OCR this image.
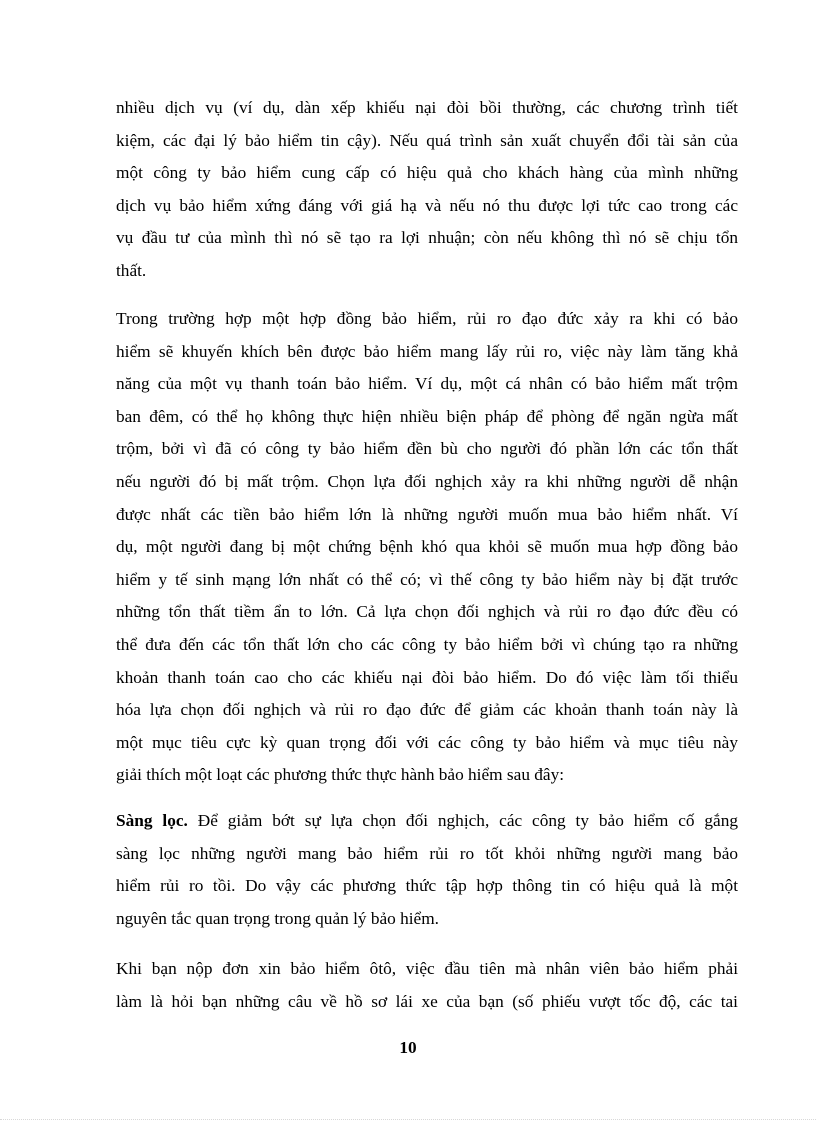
nhiều dịch vụ (ví dụ, dàn xếp khiếu nại đòi bồi thường, các chương trình tiết
kiệm, các đại lý bảo hiểm tin cậy). Nếu quá trình sản xuất chuyển đổi tài sản của
một công ty bảo hiểm cung cấp có hiệu quả cho khách hàng của mình những
dịch vụ bảo hiểm xứng đáng với giá hạ và nếu nó thu được lợi tức cao trong các
vụ đầu tư của mình thì nó sẽ tạo ra lợi nhuận; còn nếu không thì nó sẽ chịu tổn
thất.

Trong trường hợp một hợp đồng bảo hiểm, rủi ro đạo đức xảy ra khi có bảo
hiểm sẽ khuyến khích bên được bảo hiểm mang lấy rủi ro, việc này làm tăng khả
năng của một vụ thanh toán bảo hiểm. Ví dụ, một cá nhân có bảo hiểm mất trộm
ban đêm, có thể họ không thực hiện nhiều biện pháp để phòng để ngăn ngừa mất
trộm, bởi vì đã có công ty bảo hiểm đền bù cho người đó phần lớn các tổn thất
nếu người đó bị mất trộm. Chọn lựa đối nghịch xảy ra khi những người dễ nhận
được nhất các tiền bảo hiểm lớn là những người muốn mua bảo hiểm nhất. Ví
dụ, một người đang bị một chứng bệnh khó qua khỏi sẽ muốn mua hợp đồng bảo
hiểm y tế sinh mạng lớn nhất có thể có; vì thế công ty bảo hiểm này bị đặt trước
những tổn thất tiềm ẩn to lớn. Cả lựa chọn đối nghịch và rủi ro đạo đức đều có
thể đưa đến các tổn thất lớn cho các công ty bảo hiểm bởi vì chúng tạo ra những
khoản thanh toán cao cho các khiếu nại đòi bảo hiểm. Do đó việc làm tối thiểu
hóa lựa chọn đối nghịch và rủi ro đạo đức để giảm các khoản thanh toán này là
một mục tiêu cực kỳ quan trọng đối với các công ty bảo hiểm và mục tiêu này
giải thích một loạt các phương thức thực hành bảo hiểm sau đây:

Sàng lọc. Để giảm bớt sự lựa chọn đối nghịch, các công ty bảo hiểm cố gắng
sàng lọc những người mang bảo hiểm rủi ro tốt khỏi những người mang bảo
hiểm rủi ro tồi. Do vậy các phương thức tập hợp thông tin có hiệu quả là một
nguyên tắc quan trọng trong quản lý bảo hiểm.

Khi bạn nộp đơn xin bảo hiểm ôtô, việc đầu tiên mà nhân viên bảo hiểm phải
làm là hỏi bạn những câu về hồ sơ lái xe của bạn (số phiếu vượt tốc độ, các tai

10
